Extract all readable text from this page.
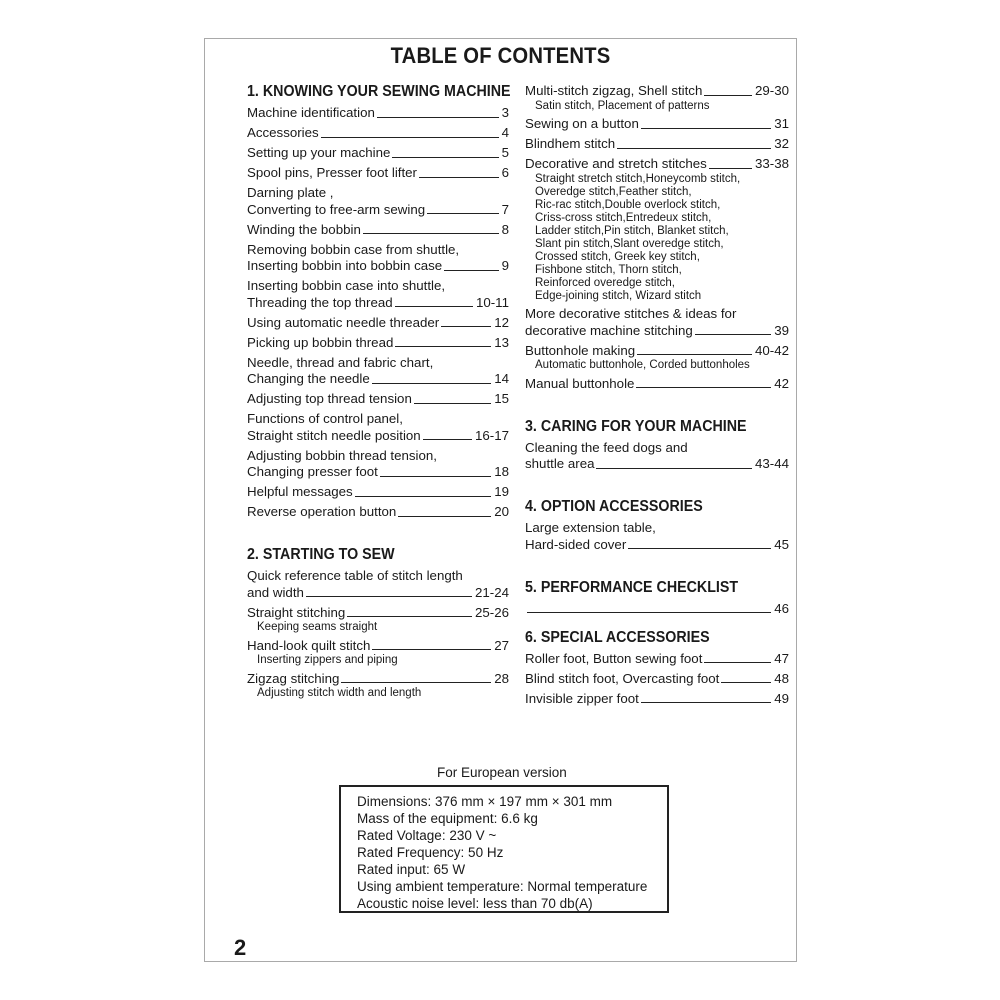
TABLE OF CONTENTS
1. KNOWING YOUR SEWING MACHINE
Machine identification	3
Accessories	4
Setting up your machine	5
Spool pins, Presser foot lifter	6
Darning plate ,
Converting to free-arm sewing	7
Winding the bobbin	8
Removing bobbin case from shuttle,
Inserting bobbin into bobbin case	9
Inserting bobbin case into shuttle,
Threading the top thread	10-11
Using automatic needle threader	12
Picking up bobbin thread	13
Needle, thread and fabric chart,
Changing the needle	14
Adjusting top thread tension	15
Functions of control panel,
Straight stitch needle position	16-17
Adjusting bobbin thread tension,
Changing presser foot	18
Helpful messages	19
Reverse operation button	20
2. STARTING TO SEW
Quick reference table of stitch length
and width	21-24
Straight stitching	25-26
Keeping seams straight
Hand-look quilt stitch	27
Inserting zippers and piping
Zigzag stitching	28
Adjusting stitch width and length
Multi-stitch zigzag, Shell stitch	29-30
Satin stitch, Placement of patterns
Sewing on a button	31
Blindhem stitch	32
Decorative and stretch stitches	33-38
Straight stretch stitch,Honeycomb stitch,
Overedge stitch,Feather stitch,
Ric-rac stitch,Double overlock stitch,
Criss-cross stitch,Entredeux stitch,
Ladder stitch,Pin stitch, Blanket stitch,
Slant pin stitch,Slant overedge stitch,
Crossed stitch, Greek key stitch,
Fishbone stitch, Thorn stitch,
Reinforced overedge stitch,
Edge-joining stitch, Wizard stitch
More decorative stitches & ideas for
decorative machine stitching	39
Buttonhole making	40-42
Automatic buttonhole, Corded buttonholes
Manual buttonhole	42
3. CARING FOR YOUR MACHINE
Cleaning the feed dogs and
shuttle area	43-44
4. OPTION ACCESSORIES
Large extension table,
Hard-sided cover	45
5. PERFORMANCE CHECKLIST
46
6. SPECIAL ACCESSORIES
Roller foot, Button sewing foot	47
Blind stitch foot, Overcasting foot	48
Invisible zipper foot	49
For European version
Dimensions: 376 mm × 197 mm × 301 mm
Mass of the equipment: 6.6 kg
Rated Voltage: 230 V ~
Rated Frequency: 50 Hz
Rated input: 65 W
Using ambient temperature: Normal temperature
Acoustic noise level: less than 70 db(A)
2
